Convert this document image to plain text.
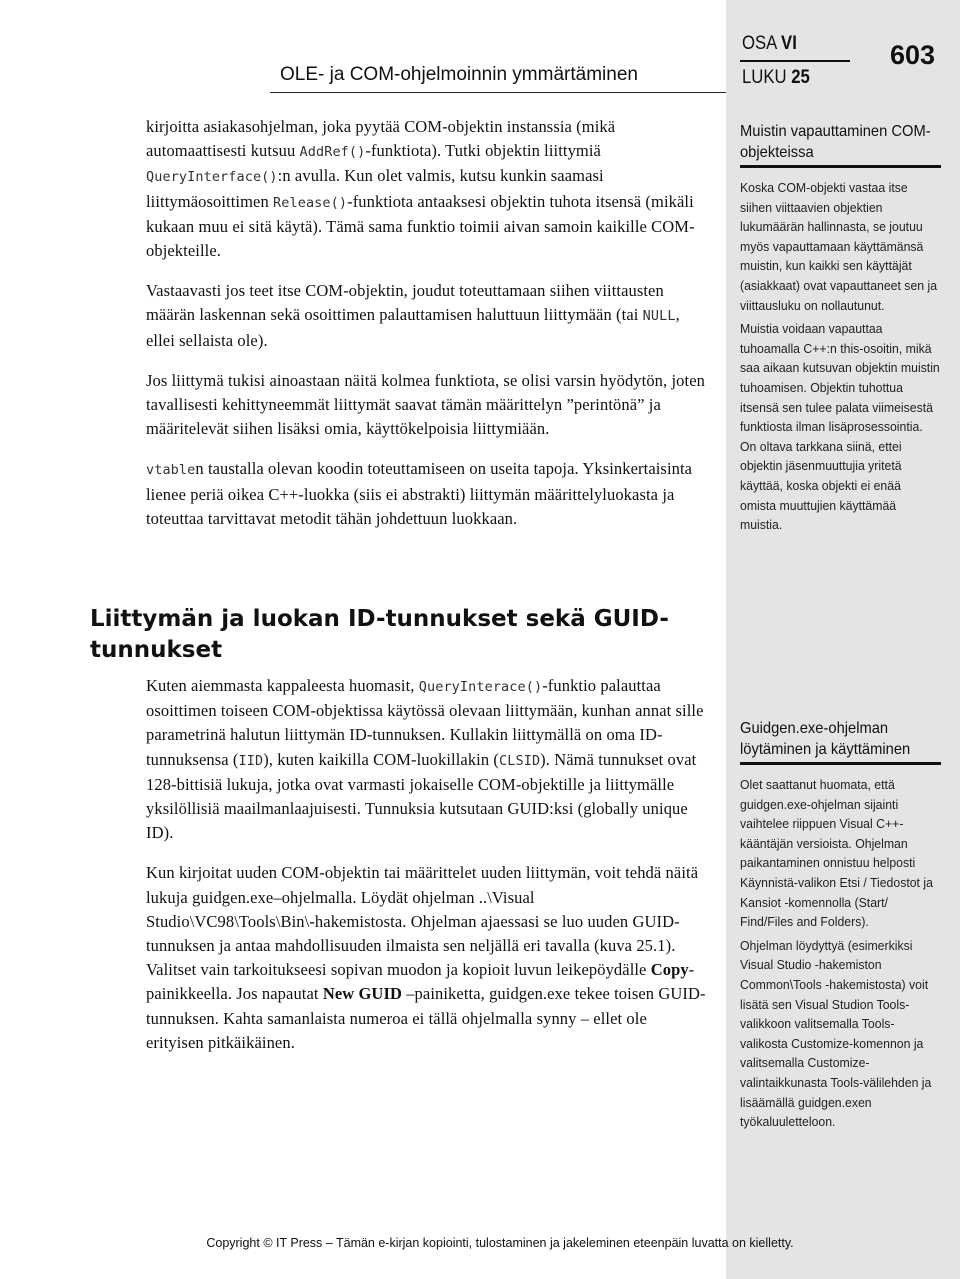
OLE- ja COM-ohjelmoinnin ymmärtäminen
OSA VI
LUKU 25
603

kirjoitta asiakasohjelman, joka pyytää COM-objektin instanssia (mikä automaattisesti kutsuu AddRef()-funktiota). Tutki objektin liittymiä QueryInterface():n avulla. Kun olet valmis, kutsu kunkin saamasi liittymäosoittimen Release()-funktiota antaaksesi objektin tuhota itsensä (mikäli kukaan muu ei sitä käytä). Tämä sama funktio toimii aivan samoin kaikille COM-objekteille.

Vastaavasti jos teet itse COM-objektin, joudut toteuttamaan siihen viittausten määrän laskennan sekä osoittimen palauttamisen haluttuun liittymään (tai NULL, ellei sellaista ole).

Jos liittymä tukisi ainoastaan näitä kolmea funktiota, se olisi varsin hyödytön, joten tavallisesti kehittyneemmät liittymät saavat tämän määrittelyn ”perintönä” ja määritelevät siihen lisäksi omia, käyttökelpoisia liittymiään.

vtablen taustalla olevan koodin toteuttamiseen on useita tapoja. Yksinkertaisinta lienee periä oikea C++-luokka (siis ei abstrakti) liittymän määrittelyluokasta ja toteuttaa tarvittavat metodit tähän johdettuun luokkaan.

Liittymän ja luokan ID-tunnukset sekä GUID-tunnukset

Kuten aiemmasta kappaleesta huomasit, QueryInterace()-funktio palauttaa osoittimen toiseen COM-objektissa käytössä olevaan liittymään, kunhan annat sille parametrinä halutun liittymän ID-tunnuksen. Kullakin liittymällä on oma ID-tunnuksensa (IID), kuten kaikilla COM-luokillakin (CLSID). Nämä tunnukset ovat 128-bittisiä lukuja, jotka ovat varmasti jokaiselle COM-objektille ja liittymälle yksilöllisiä maailmanlaajuisesti. Tunnuksia kutsutaan GUID:ksi (globally unique ID).

Kun kirjoitat uuden COM-objektin tai määrittelet uuden liittymän, voit tehdä näitä lukuja guidgen.exe–ohjelmalla. Löydät ohjelman ..\Visual Studio\VC98\Tools\Bin\-hakemistosta. Ohjelman ajaessasi se luo uuden GUID-tunnuksen ja antaa mahdollisuuden ilmaista sen neljällä eri tavalla (kuva 25.1). Valitset vain tarkoitukseesi sopivan muodon ja kopioit luvun leikepöydälle Copy-painikkeella. Jos napautat New GUID –painiketta, guidgen.exe tekee toisen GUID-tunnuksen. Kahta samanlaista numeroa ei tällä ohjelmalla synny – ellet ole erityisen pitkäikäinen.

Muistin vapauttaminen COM-objekteissa

Koska COM-objekti vastaa itse siihen viittaavien objektien lukumäärän hallinnasta, se joutuu myös vapauttamaan käyttämänsä muistin, kun kaikki sen käyttäjät (asiakkaat) ovat vapauttaneet sen ja viittausluku on nollautunut.

Muistia voidaan vapauttaa tuhoamalla C++:n this-osoitin, mikä saa aikaan kutsuvan objektin muistin tuhoamisen. Objektin tuhottua itsensä sen tulee palata viimeisestä funktiosta ilman lisäprosessointia. On oltava tarkkana siinä, ettei objektin jäsenmuuttujia yritetä käyttää, koska objekti ei enää omista muuttujien käyttämää muistia.

Guidgen.exe-ohjelman löytäminen ja käyttäminen

Olet saattanut huomata, että guidgen.exe-ohjelman sijainti vaihtelee riippuen Visual C++-kääntäjän versioista. Ohjelman paikantaminen onnistuu helposti Käynnistä-valikon Etsi / Tiedostot ja Kansiot -komennolla (Start/ Find/Files and Folders).

Ohjelman löydyttyä (esimerkiksi Visual Studio -hakemiston Common\Tools -hakemistosta) voit lisätä sen Visual Studion Tools-valikkoon valitsemalla Tools-valikosta Customize-komennon ja valitsemalla Customize-valintaikkunasta Tools-välilehden ja lisäämällä guidgen.exen työkaluuletteloon.

Copyright © IT Press – Tämän e-kirjan kopiointi, tulostaminen ja jakeleminen eteenpäin luvatta on kielletty.
